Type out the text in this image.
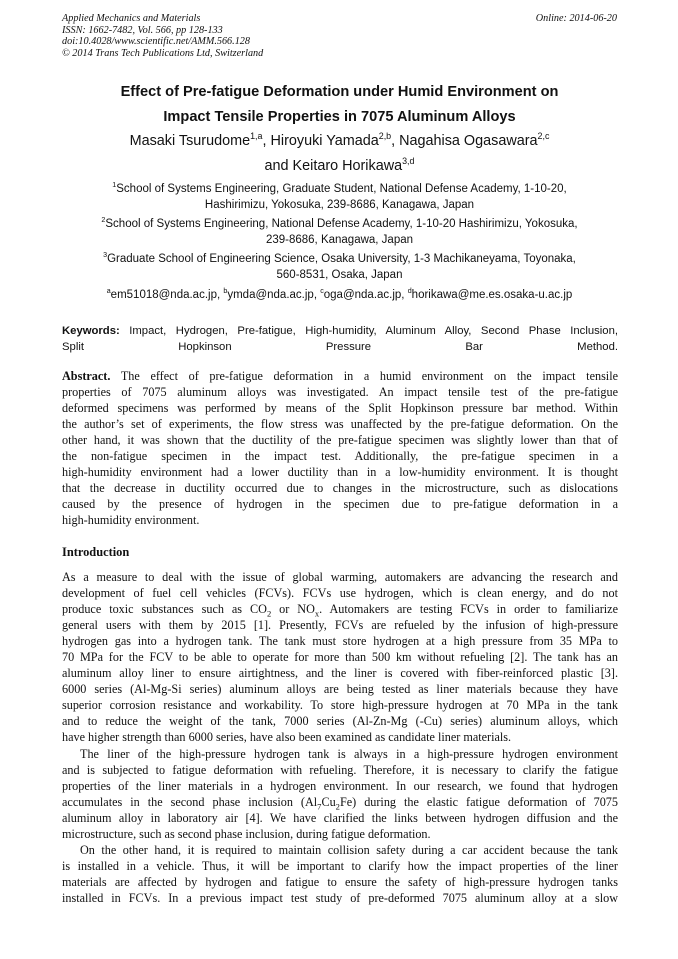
Applied Mechanics and Materials
ISSN: 1662-7482, Vol. 566, pp 128-133
doi:10.4028/www.scientific.net/AMM.566.128
© 2014 Trans Tech Publications Ltd, Switzerland
Online: 2014-06-20
Effect of Pre-fatigue Deformation under Humid Environment on
Impact Tensile Properties in 7075 Aluminum Alloys
Masaki Tsurudome$^{1,a}$, Hiroyuki Yamada$^{2,b}$, Nagahisa Ogasawara$^{2,c}$
and Keitaro Horikawa$^{3,d}$
$^1$School of Systems Engineering, Graduate Student, National Defense Academy, 1-10-20,
Hashirimizu, Yokosuka, 239-8686, Kanagawa, Japan
$^2$School of Systems Engineering, National Defense Academy, 1-10-20 Hashirimizu, Yokosuka,
239-8686, Kanagawa, Japan
$^3$Graduate School of Engineering Science, Osaka University, 1-3 Machikaneyama, Toyonaka,
560-8531, Osaka, Japan
$^a$em51018@nda.ac.jp, $^b$ymda@nda.ac.jp, $^c$oga@nda.ac.jp, $^d$horikawa@me.es.osaka-u.ac.jp
Keywords: Impact, Hydrogen, Pre-fatigue, High-humidity, Aluminum Alloy, Second Phase Inclusion,
Split Hopkinson Pressure Bar Method.
Abstract. The effect of pre-fatigue deformation in a humid environment on the impact tensile
properties of 7075 aluminum alloys was investigated. An impact tensile test of the pre-fatigue
deformed specimens was performed by means of the Split Hopkinson pressure bar method. Within
the author’s set of experiments, the flow stress was unaffected by the pre-fatigue deformation. On the
other hand, it was shown that the ductility of the pre-fatigue specimen was slightly lower than that of
the non-fatigue specimen in the impact test. Additionally, the pre-fatigue specimen in a
high-humidity environment had a lower ductility than in a low-humidity environment. It is thought
that the decrease in ductility occurred due to changes in the microstructure, such as dislocations
caused by the presence of hydrogen in the specimen due to pre-fatigue deformation in a
high-humidity environment.
Introduction
As a measure to deal with the issue of global warming, automakers are advancing the research and
development of fuel cell vehicles (FCVs). FCVs use hydrogen, which is clean energy, and do not
produce toxic substances such as $CO_2$ or $NO_x$. Automakers are testing FCVs in order to familiarize
general users with them by 2015 [1]. Presently, FCVs are refueled by the infusion of high-pressure
hydrogen gas into a hydrogen tank. The tank must store hydrogen at a high pressure from 35 MPa to
70 MPa for the FCV to be able to operate for more than 500 km without refueling [2]. The tank has an
aluminum alloy liner to ensure airtightness, and the liner is covered with fiber-reinforced plastic [3].
6000 series (Al-Mg-Si series) aluminum alloys are being tested as liner materials because they have
superior corrosion resistance and workability. To store high-pressure hydrogen at 70 MPa in the tank
and to reduce the weight of the tank, 7000 series (Al-Zn-Mg (-Cu) series) aluminum alloys, which
have higher strength than 6000 series, have also been examined as candidate liner materials.
The liner of the high-pressure hydrogen tank is always in a high-pressure hydrogen environment
and is subjected to fatigue deformation with refueling. Therefore, it is necessary to clarify the fatigue
properties of the liner materials in a hydrogen environment. In our research, we found that hydrogen
accumulates in the second phase inclusion $(Al_7Cu_2Fe)$ during the elastic fatigue deformation of 7075
aluminum alloy in laboratory air [4]. We have clarified the links between hydrogen diffusion and the
microstructure, such as second phase inclusion, during fatigue deformation.
On the other hand, it is required to maintain collision safety during a car accident because the tank
is installed in a vehicle. Thus, it will be important to clarify how the impact properties of the liner
materials are affected by hydrogen and fatigue to ensure the safety of high-pressure hydrogen tanks
installed in FCVs. In a previous impact test study of pre-deformed 7075 aluminum alloy at a slow
